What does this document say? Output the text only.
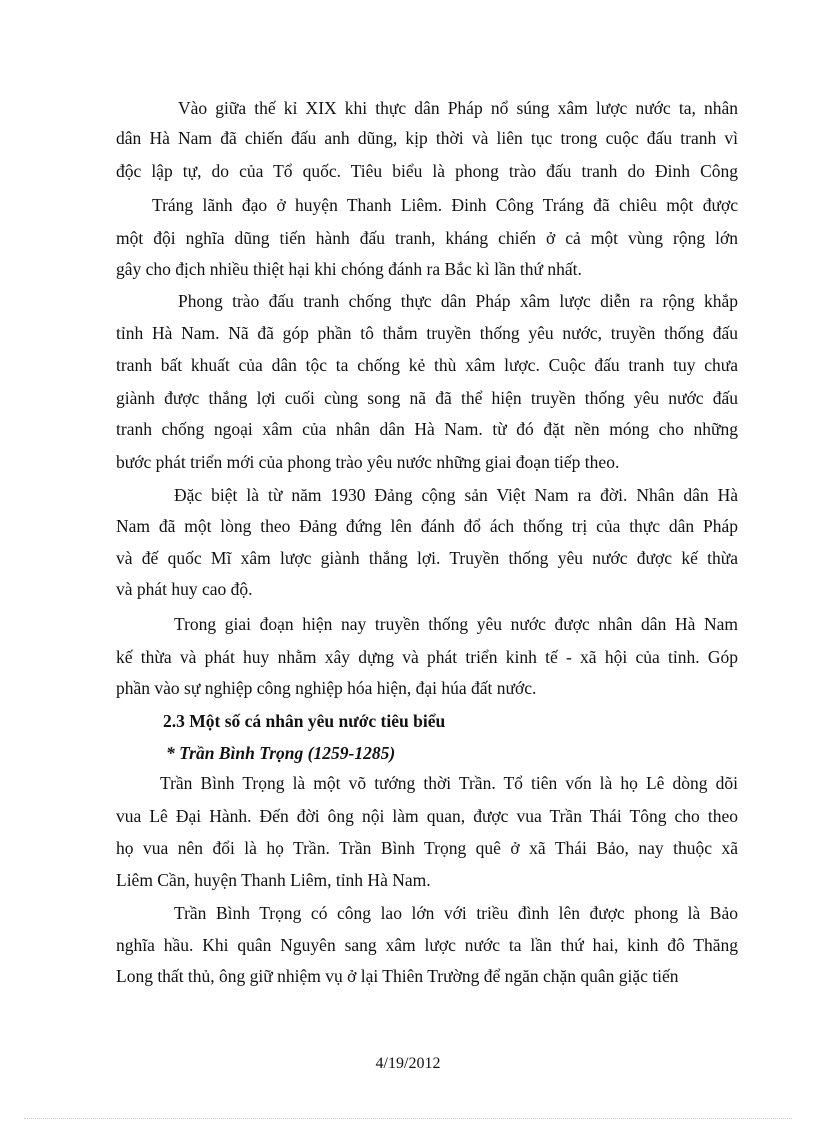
Vào giữa thế kỉ XIX khi thực dân Pháp nổ súng xâm lược nước ta, nhân
dân Hà Nam đã chiến đấu anh dũng, kịp thời và liên tục trong cuộc đấu tranh vì
độc lập tự, do của Tổ quốc. Tiêu biểu là phong trào đấu tranh do Đinh Công
Tráng lãnh đạo ở huyện Thanh Liêm. Đinh Công Tráng đã chiêu một được
một đội nghĩa dũng tiến hành đấu tranh, kháng chiến ở cả một vùng rộng lớn
gây cho địch nhiều thiệt hại khi chóng đánh ra Bắc kì lần thứ nhất.
Phong trào đấu tranh chống thực dân Pháp xâm lược diễn ra rộng khắp
tỉnh Hà Nam. Nã đã góp phần tô thắm truyền thống yêu nước, truyền thống đấu
tranh bất khuất của dân tộc ta chống kẻ thù xâm lược. Cuộc đấu tranh tuy chưa
giành được thắng lợi cuối cùng song nã đã thể hiện truyền thống yêu nước đấu
tranh chống ngoại xâm của nhân dân Hà Nam. từ đó đặt nền móng cho những
bước phát triển mới của phong trào yêu nước những giai đoạn tiếp theo.
Đặc biệt là từ năm 1930 Đảng cộng sản Việt Nam ra đời. Nhân dân Hà
Nam đã một lòng theo Đảng đứng lên đánh đổ ách thống trị của thực dân Pháp
và đế quốc Mĩ xâm lược giành thắng lợi. Truyền thống yêu nước được kế thừa
và phát huy cao độ.
Trong giai đoạn hiện nay truyền thống yêu nước được nhân dân Hà Nam
kế thừa và phát huy nhằm xây dựng và phát triển kinh tế - xã hội của tỉnh. Góp
phần vào sự nghiệp công nghiệp hóa hiện, đại húa đất nước.
2.3 Một số cá nhân yêu nước tiêu biểu
* Trần Bình Trọng (1259-1285)
Trần Bình Trọng là một võ tướng thời Trần. Tổ tiên vốn là họ Lê dòng dõi
vua Lê Đại Hành. Đến đời ông nội làm quan, được vua Trần Thái Tông cho theo
họ vua nên đổi là họ Trần. Trần Bình Trọng quê ở xã Thái Bảo, nay thuộc xã
Liêm Cần, huyện Thanh Liêm, tỉnh Hà Nam.
Trần Bình Trọng có công lao lớn với triều đình lên được phong là Bảo
nghĩa hầu. Khi quân Nguyên sang xâm lược nước ta lần thứ hai, kinh đô Thăng
Long thất thủ, ông giữ nhiệm vụ ở lại Thiên Trường để ngăn chặn quân giặc tiến
4/19/2012
